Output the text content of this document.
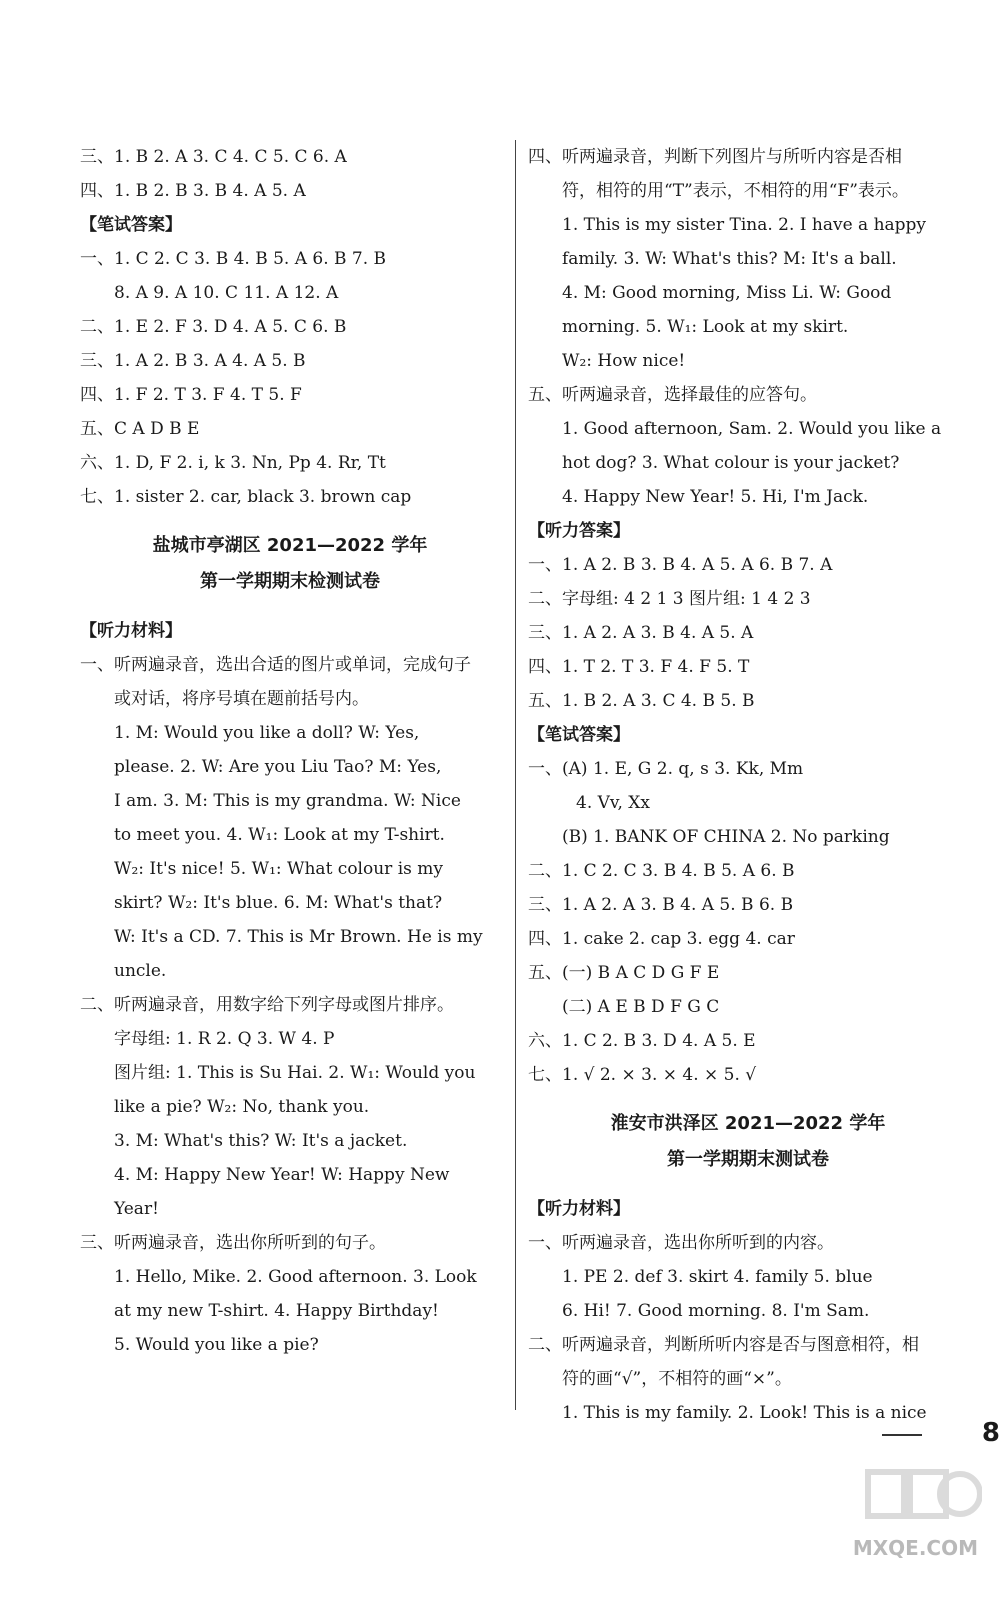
三、1. B 2. A 3. C 4. C 5. C 6. A
四、1. B 2. B 3. B 4. A 5. A
【笔试答案】
一、1. C 2. C 3. B 4. B 5. A 6. B 7. B
8. A 9. A 10. C 11. A 12. A
二、1. E 2. F 3. D 4. A 5. C 6. B
三、1. A 2. B 3. A 4. A 5. B
四、1. F 2. T 3. F 4. T 5. F
五、C A D B E
六、1. D, F 2. i, k 3. Nn, Pp 4. Rr, Tt
七、1. sister 2. car, black 3. brown cap
盐城市亭湖区 2021—2022 学年
第一学期期末检测试卷
【听力材料】
一、听两遍录音，选出合适的图片或单词，完成句子
或对话，将序号填在题前括号内。
1. M: Would you like a doll? W: Yes,
please. 2. W: Are you Liu Tao? M: Yes,
I am. 3. M: This is my grandma. W: Nice
to meet you. 4. W₁: Look at my T-shirt.
W₂: It's nice! 5. W₁: What colour is my
skirt? W₂: It's blue. 6. M: What's that?
W: It's a CD. 7. This is Mr Brown. He is my
uncle.
二、听两遍录音，用数字给下列字母或图片排序。
字母组: 1. R 2. Q 3. W 4. P
图片组: 1. This is Su Hai. 2. W₁: Would you
like a pie? W₂: No, thank you.
3. M: What's this? W: It's a jacket.
4. M: Happy New Year! W: Happy New
Year!
三、听两遍录音，选出你所听到的句子。
1. Hello, Mike. 2. Good afternoon. 3. Look
at my new T-shirt. 4. Happy Birthday!
5. Would you like a pie?
四、听两遍录音，判断下列图片与所听内容是否相
符，相符的用“T”表示，不相符的用“F”表示。
1. This is my sister Tina. 2. I have a happy
family. 3. W: What's this? M: It's a ball.
4. M: Good morning, Miss Li. W: Good
morning. 5. W₁: Look at my skirt.
W₂: How nice!
五、听两遍录音，选择最佳的应答句。
1. Good afternoon, Sam. 2. Would you like a
hot dog? 3. What colour is your jacket?
4. Happy New Year! 5. Hi, I'm Jack.
【听力答案】
一、1. A 2. B 3. B 4. A 5. A 6. B 7. A
二、字母组: 4 2 1 3 图片组: 1 4 2 3
三、1. A 2. A 3. B 4. A 5. A
四、1. T 2. T 3. F 4. F 5. T
五、1. B 2. A 3. C 4. B 5. B
【笔试答案】
一、(A) 1. E, G 2. q, s 3. Kk, Mm
4. Vv, Xx
(B) 1. BANK OF CHINA 2. No parking
二、1. C 2. C 3. B 4. B 5. A 6. B
三、1. A 2. A 3. B 4. A 5. B 6. B
四、1. cake 2. cap 3. egg 4. car
五、(一) B A C D G F E
(二) A E B D F G C
六、1. C 2. B 3. D 4. A 5. E
七、1. √ 2. × 3. × 4. × 5. √
淮安市洪泽区 2021—2022 学年
第一学期期末测试卷
【听力材料】
一、听两遍录音，选出你所听到的内容。
1. PE 2. def 3. skirt 4. family 5. blue
6. Hi! 7. Good morning. 8. I'm Sam.
二、听两遍录音，判断所听内容是否与图意相符，相
符的画“√”，不相符的画“×”。
1. This is my family. 2. Look! This is a nice
8
MXQE.COM
